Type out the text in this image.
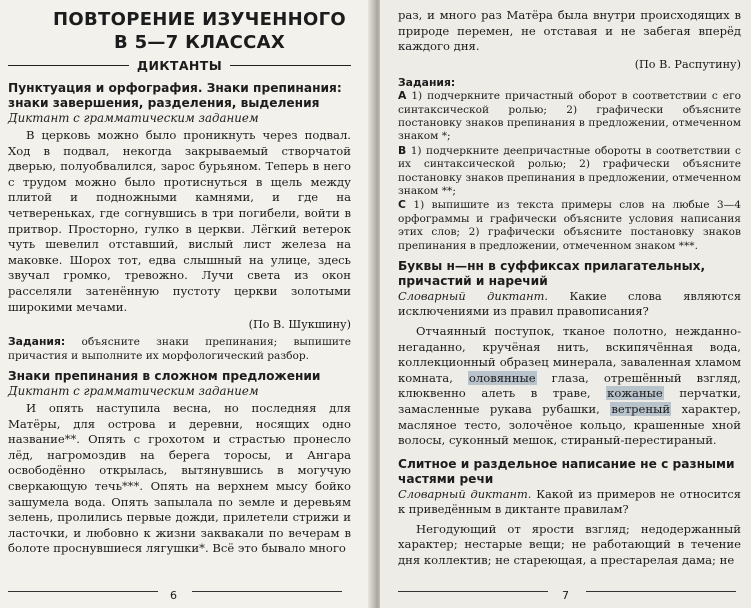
ПОВТОРЕНИЕ ИЗУЧЕННОГО
В 5—7 КЛАССАХ
ДИКТАНТЫ
Пунктуация и орфография. Знаки препинания: знаки завершения, разделения, выделения
Диктант с грамматическим заданием

В церковь можно было проникнуть через подвал. Ход в подвал, некогда закрываемый створчатой дверью, полуобвалился, зарос бурьяном. Теперь в него с трудом можно было протиснуться в щель между плитой и подножными камнями, и где на четвереньках, где согнувшись в три погибели, войти в притвор. Просторно, гулко в церкви. Лёгкий ветерок чуть шевелил отставший, вислый лист железа на маковке. Шорох тот, едва слышный на улице, здесь звучал громко, тревожно. Лучи света из окон расселяли затенённую пустоту церкви золотыми широкими мечами.

(По В. Шукшину)
Задания: объясните знаки препинания; выпишите причастия и выполните их морфологический разбор.
Знаки препинания в сложном предложении
Диктант с грамматическим заданием

И опять наступила весна, но последняя для Матёры, для острова и деревни, носящих одно название**. Опять с грохотом и страстью пронесло лёд, нагромоздив на берега торосы, и Ангара освободённо открылась, вытянувшись в могучую сверкающую течь***. Опять на верхнем мысу бойко зашумела вода. Опять запылала по земле и деревьям зелень, пролились первые дожди, прилетели стрижи и ласточки, и любовно к жизни заквакали по вечерам в болоте проснувшиеся лягушки*. Всё это бывало много

6

раз, и много раз Матёра была внутри происходящих в природе перемен, не отставая и не забегая вперёд каждого дня.

(По В. Распутину)
Задания:
А 1) подчеркните причастный оборот в соответствии с его синтаксической ролью; 2) графически объясните постановку знаков препинания в предложении, отмеченном знаком *;
В 1) подчеркните деепричастные обороты в соответствии с их синтаксической ролью; 2) графически объясните постановку знаков препинания в предложении, отмеченном знаком **;
С 1) выпишите из текста примеры слов на любые 3—4 орфограммы и графически объясните условия написания этих слов; 2) графически объясните постановку знаков препинания в предложении, отмеченном знаком ***.
Буквы н—нн в суффиксах прилагательных, причастий и наречий
Словарный диктант. Какие слова являются исключениями из правил правописания?

Отчаянный поступок, тканое полотно, нежданно-негаданно, кручёная нить, вскипячённая вода, коллекционный образец минерала, заваленная хламом комната, оловянные глаза, отрешённый взгляд, клюквенно алеть в траве, кожаные перчатки, замасленные рукава рубашки, ветреный характер, масляное тесто, золочёное кольцо, крашенные хной волосы, суконный мешок, стираный-перестираный.

Слитное и раздельное написание не с разными частями речи
Словарный диктант. Какой из примеров не относится к приведённым в диктанте правилам?

Негодующий от ярости взгляд; недодержанный характер; нестарые вещи; не работающий в течение дня коллектив; не стареющая, а престарелая дама; не

7
